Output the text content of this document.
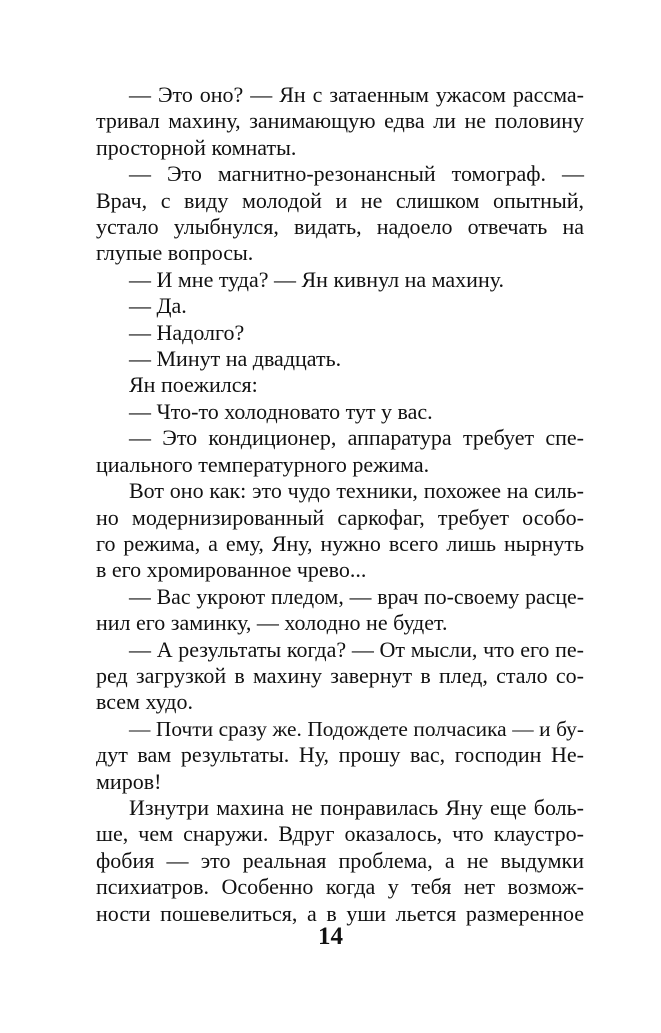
— Это оно? — Ян с затаенным ужасом рассма-
тривал махину, занимающую едва ли не половину
просторной комнаты.
— Это магнитно-резонансный томограф. —
Врач, с виду молодой и не слишком опытный,
устало улыбнулся, видать, надоело отвечать на
глупые вопросы.
— И мне туда? — Ян кивнул на махину.
— Да.
— Надолго?
— Минут на двадцать.
Ян поежился:
— Что-то холодновато тут у вас.
— Это кондиционер, аппаратура требует спе-
циального температурного режима.
Вот оно как: это чудо техники, похожее на силь-
но модернизированный саркофаг, требует особо-
го режима, а ему, Яну, нужно всего лишь нырнуть
в его хромированное чрево...
— Вас укроют пледом, — врач по-своему расце-
нил его заминку, — холодно не будет.
— А результаты когда? — От мысли, что его пе-
ред загрузкой в махину завернут в плед, стало со-
всем худо.
— Почти сразу же. Подождете полчасика — и бу-
дут вам результаты. Ну, прошу вас, господин Не-
миров!
Изнутри махина не понравилась Яну еще боль-
ше, чем снаружи. Вдруг оказалось, что клаустро-
фобия — это реальная проблема, а не выдумки
психиатров. Особенно когда у тебя нет возмож-
ности пошевелиться, а в уши льется размеренное
14
